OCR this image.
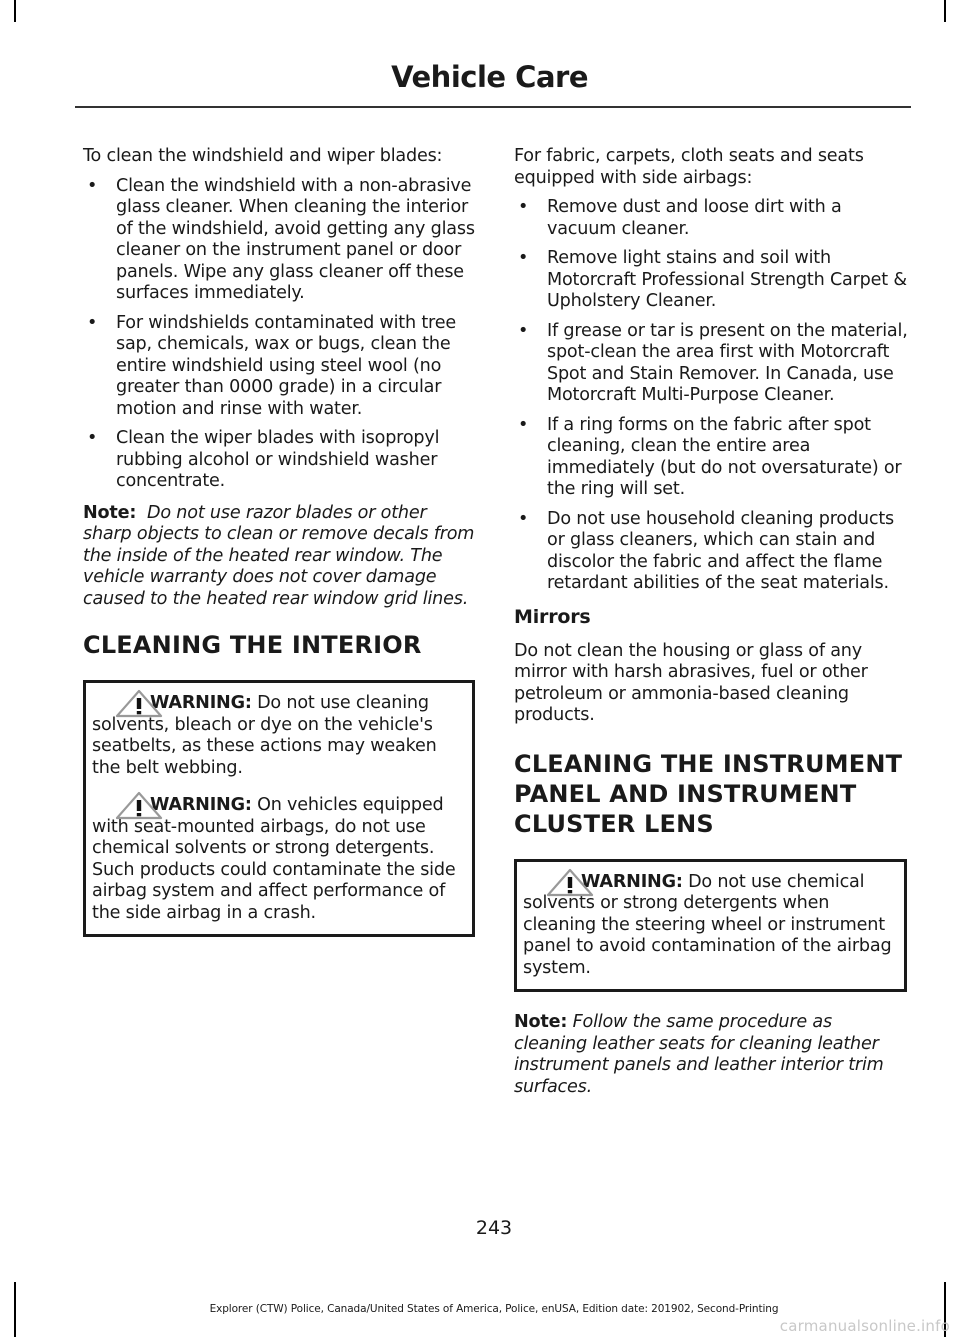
Vehicle Care

To clean the windshield and wiper blades:

• Clean the windshield with a non-abrasive glass cleaner. When cleaning the interior of the windshield, avoid getting any glass cleaner on the instrument panel or door panels. Wipe any glass cleaner off these surfaces immediately.
• For windshields contaminated with tree sap, chemicals, wax or bugs, clean the entire windshield using steel wool (no greater than 0000 grade) in a circular motion and rinse with water.
• Clean the wiper blades with isopropyl rubbing alcohol or windshield washer concentrate.

Note: Do not use razor blades or other sharp objects to clean or remove decals from the inside of the heated rear window. The vehicle warranty does not cover damage caused to the heated rear window grid lines.

CLEANING THE INTERIOR
WARNING: Do not use cleaning solvents, bleach or dye on the vehicle's seatbelts, as these actions may weaken the belt webbing.
WARNING: On vehicles equipped with seat-mounted airbags, do not use chemical solvents or strong detergents. Such products could contaminate the side airbag system and affect performance of the side airbag in a crash.

For fabric, carpets, cloth seats and seats equipped with side airbags:

• Remove dust and loose dirt with a vacuum cleaner.
• Remove light stains and soil with Motorcraft Professional Strength Carpet & Upholstery Cleaner.
• If grease or tar is present on the material, spot-clean the area first with Motorcraft Spot and Stain Remover. In Canada, use Motorcraft Multi-Purpose Cleaner.
• If a ring forms on the fabric after spot cleaning, clean the entire area immediately (but do not oversaturate) or the ring will set.
• Do not use household cleaning products or glass cleaners, which can stain and discolor the fabric and affect the flame retardant abilities of the seat materials.
Mirrors

Do not clean the housing or glass of any mirror with harsh abrasives, fuel or other petroleum or ammonia-based cleaning products.

CLEANING THE INSTRUMENT
PANEL AND INSTRUMENT
CLUSTER LENS
WARNING: Do not use chemical solvents or strong detergents when cleaning the steering wheel or instrument panel to avoid contamination of the airbag system.

Note: Follow the same procedure as cleaning leather seats for cleaning leather instrument panels and leather interior trim surfaces.

243
Explorer (CTW) Police, Canada/United States of America, Police, enUSA, Edition date: 201902, Second-Printing
carmanualsonline.info
